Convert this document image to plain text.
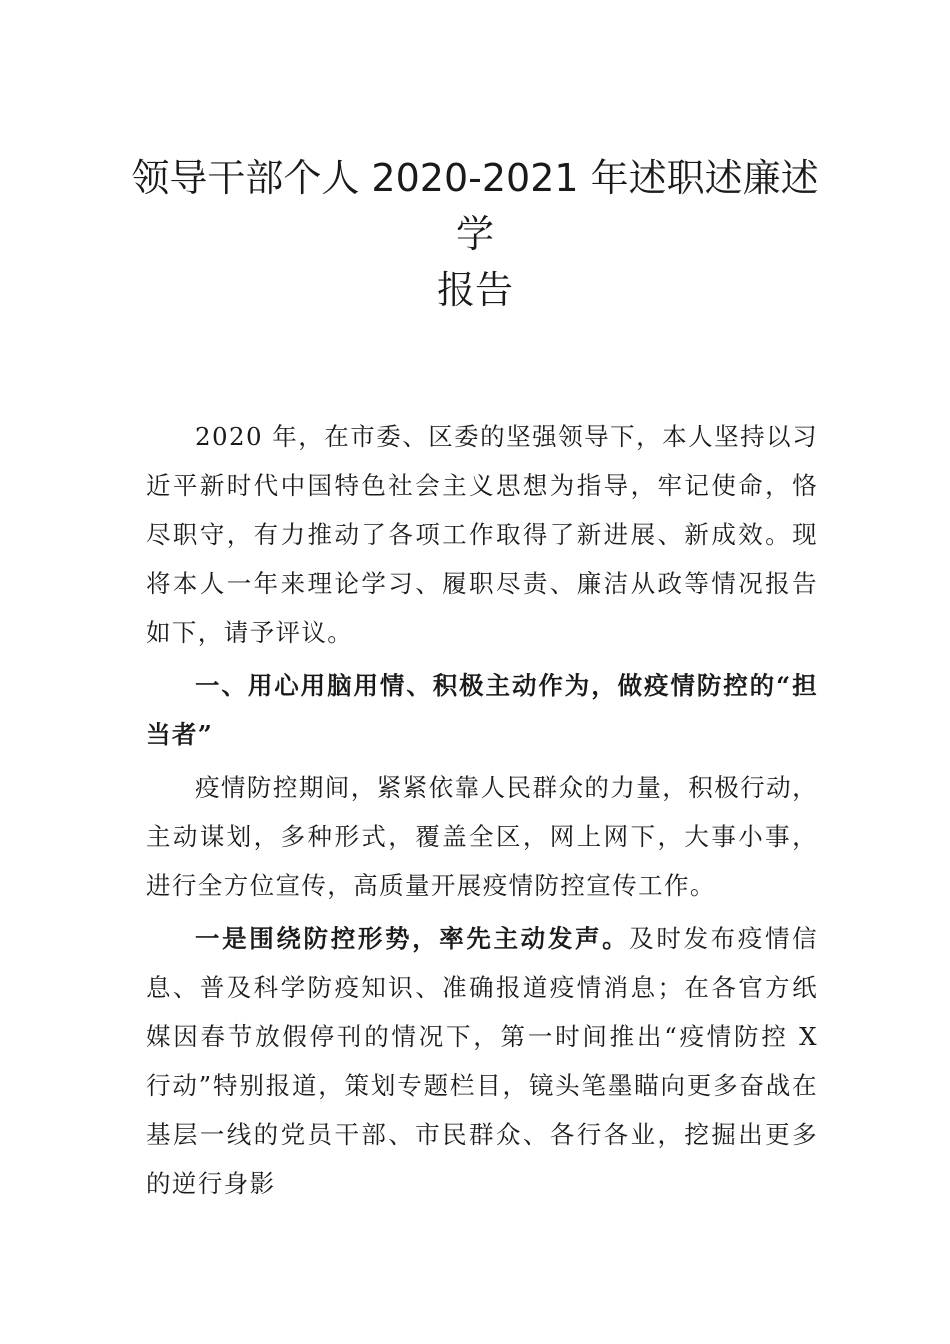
领导干部个人 2020-2021 年述职述廉述学
报告

2020 年，在市委、区委的坚强领导下，本人坚持以习近平新时代中国特色社会主义思想为指导，牢记使命，恪尽职守，有力推动了各项工作取得了新进展、新成效。现将本人一年来理论学习、履职尽责、廉洁从政等情况报告如下，请予评议。

一、用心用脑用情、积极主动作为，做疫情防控的“担当者”

疫情防控期间，紧紧依靠人民群众的力量，积极行动，主动谋划，多种形式，覆盖全区，网上网下，大事小事，进行全方位宣传，高质量开展疫情防控宣传工作。

一是围绕防控形势，率先主动发声。及时发布疫情信息、普及科学防疫知识、准确报道疫情消息；在各官方纸媒因春节放假停刊的情况下，第一时间推出“疫情防控 X 行动”特别报道，策划专题栏目，镜头笔墨瞄向更多奋战在基层一线的党员干部、市民群众、各行各业，挖掘出更多的逆行身影
